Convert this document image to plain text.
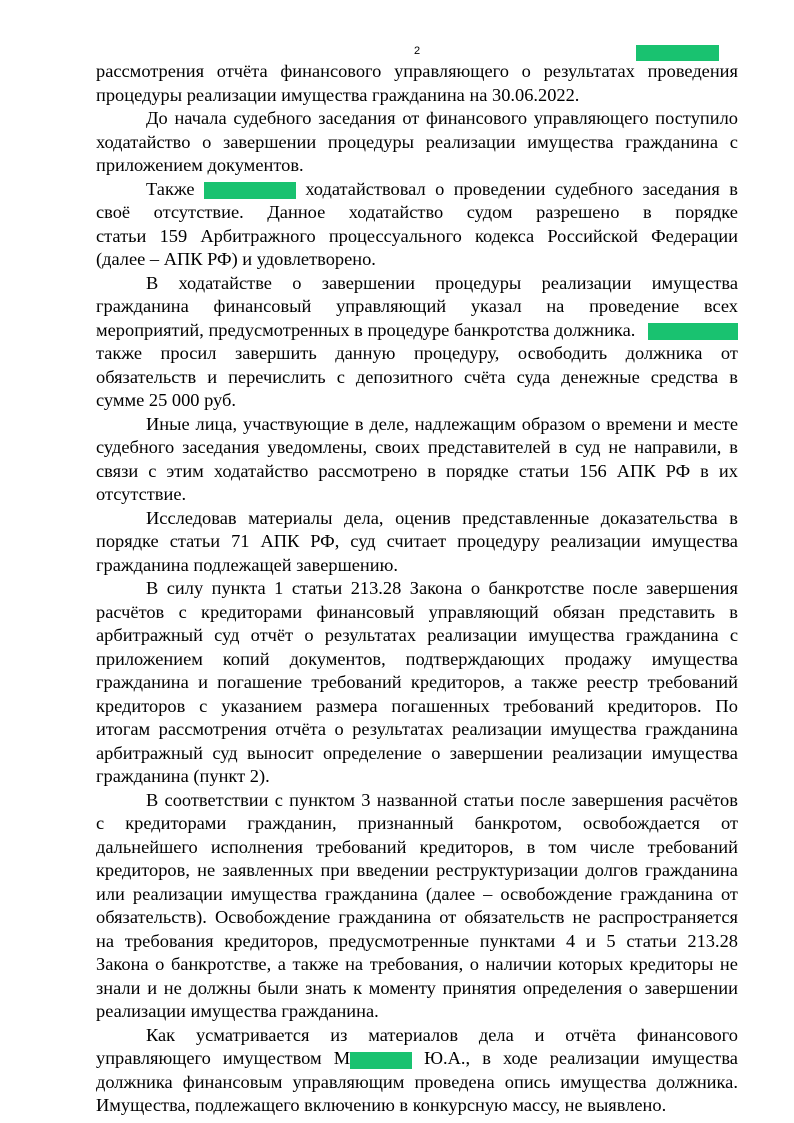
2
рассмотрения отчёта финансового управляющего о результатах проведения
процедуры реализации имущества гражданина на 30.06.2022.
До начала судебного заседания от финансового управляющего поступило
ходатайство о завершении процедуры реализации имущества гражданина с
приложением документов.
Также	ходатайствовал о проведении судебного заседания в
своё отсутствие. Данное ходатайство судом разрешено в порядке
статьи 159 Арбитражного процессуального кодекса Российской Федерации
(далее – АПК РФ) и удовлетворено.
В ходатайстве о завершении процедуры реализации имущества
гражданина финансовый управляющий указал на проведение всех
мероприятий, предусмотренных в процедуре банкротства должника.
также просил завершить данную процедуру, освободить должника от
обязательств и перечислить с депозитного счёта суда денежные средства в
сумме 25 000 руб.
Иные лица, участвующие в деле, надлежащим образом о времени и месте
судебного заседания уведомлены, своих представителей в суд не направили, в
связи с этим ходатайство рассмотрено в порядке статьи 156 АПК РФ в их
отсутствие.
Исследовав материалы дела, оценив представленные доказательства в
порядке статьи 71 АПК РФ, суд считает процедуру реализации имущества
гражданина подлежащей завершению.
В силу пункта 1 статьи 213.28 Закона о банкротстве после завершения
расчётов с кредиторами финансовый управляющий обязан представить в
арбитражный суд отчёт о результатах реализации имущества гражданина с
приложением копий документов, подтверждающих продажу имущества
гражданина и погашение требований кредиторов, а также реестр требований
кредиторов с указанием размера погашенных требований кредиторов. По
итогам рассмотрения отчёта о результатах реализации имущества гражданина
арбитражный суд выносит определение о завершении реализации имущества
гражданина (пункт 2).
В соответствии с пунктом 3 названной статьи после завершения расчётов
с кредиторами гражданин, признанный банкротом, освобождается от
дальнейшего исполнения требований кредиторов, в том числе требований
кредиторов, не заявленных при введении реструктуризации долгов гражданина
или реализации имущества гражданина (далее – освобождение гражданина от
обязательств). Освобождение гражданина от обязательств не распространяется
на требования кредиторов, предусмотренные пунктами 4 и 5 статьи 213.28
Закона о банкротстве, а также на требования, о наличии которых кредиторы не
знали и не должны были знать к моменту принятия определения о завершении
реализации имущества гражданина.
Как усматривается из материалов дела и отчёта финансового
управляющего имуществом М	Ю.А., в ходе реализации имущества
должника финансовым управляющим проведена опись имущества должника.
Имущества, подлежащего включению в конкурсную массу, не выявлено.
